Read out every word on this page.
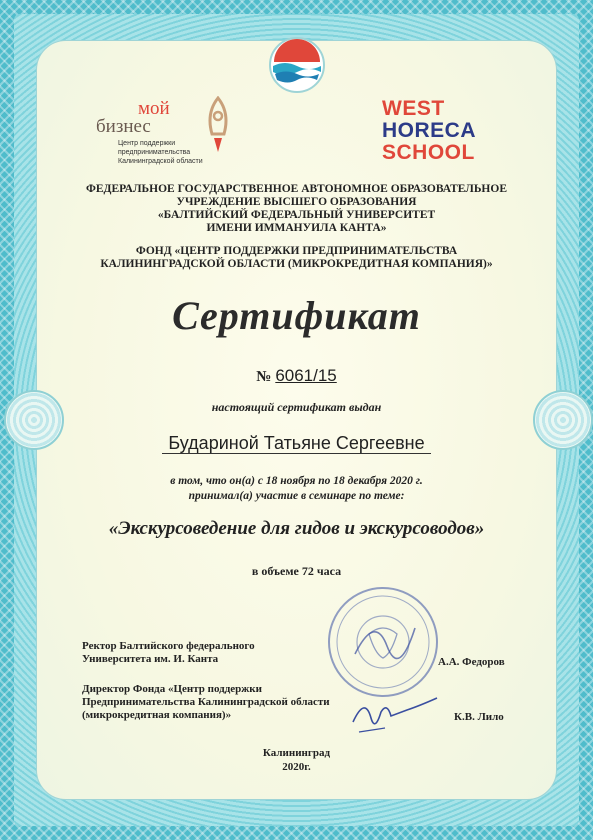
мой
бизнес
Центр поддержки
предпринимательства
Калининградской области
WEST
HORECA
SCHOOL
ФЕДЕРАЛЬНОЕ ГОСУДАРСТВЕННОЕ АВТОНОМНОЕ ОБРАЗОВАТЕЛЬНОЕ
УЧРЕЖДЕНИЕ ВЫСШЕГО ОБРАЗОВАНИЯ
«БАЛТИЙСКИЙ ФЕДЕРАЛЬНЫЙ УНИВЕРСИТЕТ
ИМЕНИ ИММАНУИЛА КАНТА»
ФОНД «ЦЕНТР ПОДДЕРЖКИ ПРЕДПРИНИМАТЕЛЬСТВА
КАЛИНИНГРАДСКОЙ ОБЛАСТИ (МИКРОКРЕДИТНАЯ КОМПАНИЯ)»
Сертификат
№ 6061/15
настоящий сертификат выдан
Бударинoй Татьяне Сергеевне
в том, что он(а) с 18 ноября по 18 декабря 2020 г.
принимал(а) участие в семинаре по теме:
«Экскурсоведение для гидов и экскурсоводов»
в объеме 72 часа
Ректор Балтийского федерального
Университета им. И. Канта	А.А. Федоров
Директор Фонда «Центр поддержки
Предпринимательства Калининградской области
(микрокредитная компания)»	К.В. Лило
Калининград
2020г.
